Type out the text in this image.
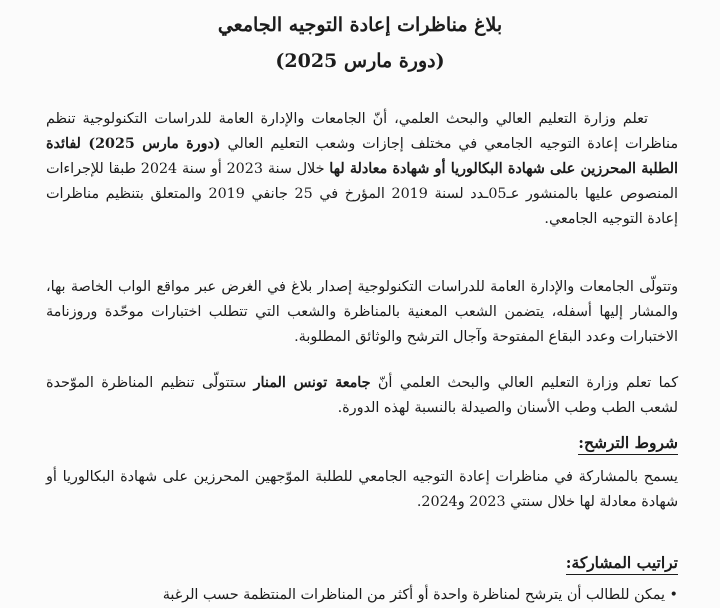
بلاغ مناظرات إعادة التوجيه الجامعي
(دورة مارس 2025)
تعلم وزارة التعليم العالي والبحث العلمي، أنّ الجامعات والإدارة العامة للدراسات التكنولوجية تنظم مناظرات إعادة التوجيه الجامعي في مختلف إجازات وشعب التعليم العالي (دورة مارس 2025) لفائدة الطلبة المحرزين على شهادة البكالوريا أو شهادة معادلة لها خلال سنة 2023 أو سنة 2024 طبقا للإجراءات المنصوص عليها بالمنشور عـ05ـدد لسنة 2019 المؤرخ في 25 جانفي 2019 والمتعلق بتنظيم مناظرات إعادة التوجيه الجامعي.
وتتولّى الجامعات والإدارة العامة للدراسات التكنولوجية إصدار بلاغ في الغرض عبر مواقع الواب الخاصة بها، والمشار إليها أسفله، يتضمن الشعب المعنية بالمناظرة والشعب التي تتطلب اختبارات موحّدة وروزنامة الاختبارات وعدد البقاع المفتوحة وآجال الترشح والوثائق المطلوبة.
كما تعلم وزارة التعليم العالي والبحث العلمي أنّ جامعة تونس المنار ستتولّى تنظيم المناظرة الموّحدة لشعب الطب وطب الأسنان والصيدلة بالنسبة لهذه الدورة.
شروط الترشح:
يسمح بالمشاركة في مناظرات إعادة التوجيه الجامعي للطلبة الموّجهين المحرزين على شهادة البكالوريا أو شهادة معادلة لها خلال سنتي 2023 و2024.
تراتيب المشاركة:
• يمكن للطالب أن يترشح لمناظرة واحدة أو أكثر من المناظرات المنتظمة حسب الرغبة
